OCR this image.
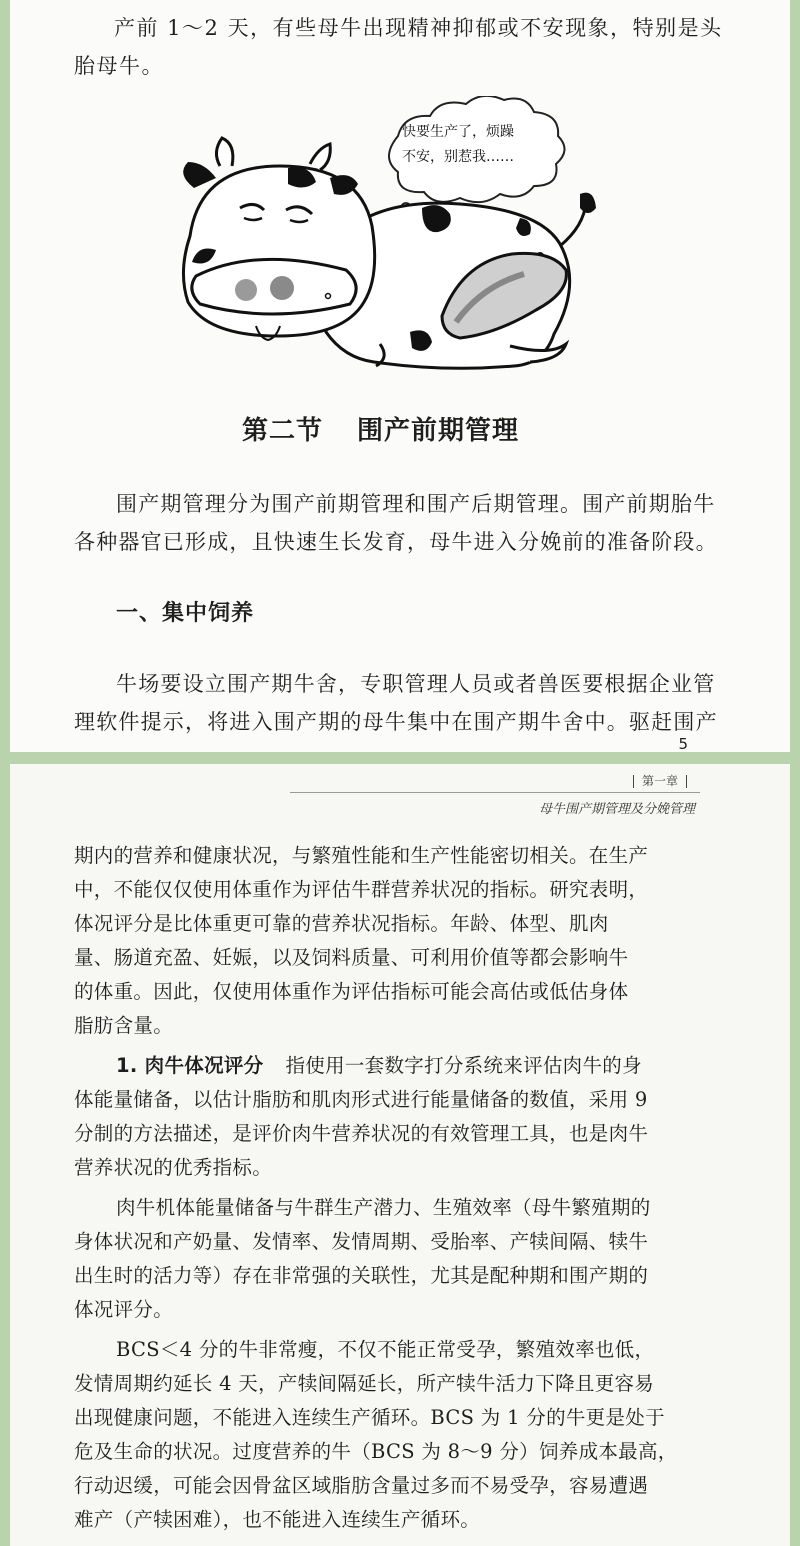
产前 1～2 天，有些母牛出现精神抑郁或不安现象，特别是头

胎母牛。

快要生产了，烦躁
不安，别惹我……
第二节 围产前期管理

围产期管理分为围产前期管理和围产后期管理。围产前期胎牛

各种器官已形成，且快速生长发育，母牛进入分娩前的准备阶段。

一、集中饲养

牛场要设立围产期牛舍，专职管理人员或者兽医要根据企业管

理软件提示，将进入围产期的母牛集中在围产期牛舍中。驱赶围产

5
第一章
母牛围产期管理及分娩管理

期内的营养和健康状况，与繁殖性能和生产性能密切相关。在生产

中，不能仅仅使用体重作为评估牛群营养状况的指标。研究表明，

体况评分是比体重更可靠的营养状况指标。年龄、体型、肌肉

量、肠道充盈、妊娠，以及饲料质量、可利用价值等都会影响牛

的体重。因此，仅使用体重作为评估指标可能会高估或低估身体

脂肪含量。

1. 肉牛体况评分 指使用一套数字打分系统来评估肉牛的身

体能量储备，以估计脂肪和肌肉形式进行能量储备的数值，采用 9

分制的方法描述，是评价肉牛营养状况的有效管理工具，也是肉牛

营养状况的优秀指标。

肉牛机体能量储备与牛群生产潜力、生殖效率（母牛繁殖期的

身体状况和产奶量、发情率、发情周期、受胎率、产犊间隔、犊牛

出生时的活力等）存在非常强的关联性，尤其是配种期和围产期的

体况评分。

BCS＜4 分的牛非常瘦，不仅不能正常受孕，繁殖效率也低，

发情周期约延长 4 天，产犊间隔延长，所产犊牛活力下降且更容易

出现健康问题，不能进入连续生产循环。BCS 为 1 分的牛更是处于

危及生命的状况。过度营养的牛（BCS 为 8～9 分）饲养成本最高，

行动迟缓，可能会因骨盆区域脂肪含量过多而不易受孕，容易遭遇

难产（产犊困难），也不能进入连续生产循环。
